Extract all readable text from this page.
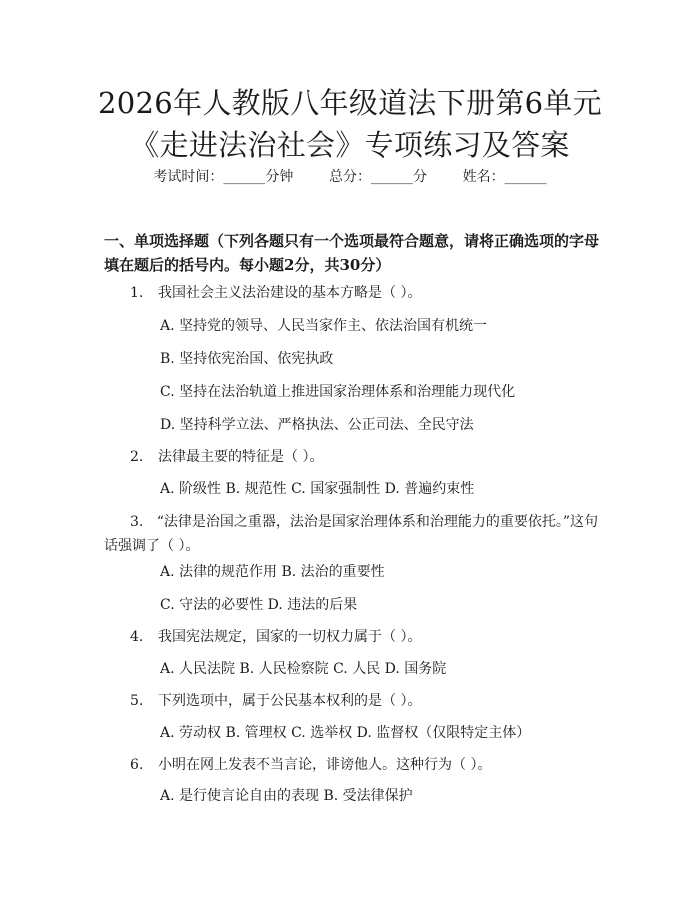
2026年人教版八年级道法下册第6单元《走进法治社会》专项练习及答案
考试时间：______分钟	总分：______分	姓名：______
一、单项选择题（下列各题只有一个选项最符合题意，请将正确选项的字母填在题后的括号内。每小题2分，共30分）
1. 我国社会主义法治建设的基本方略是（ ）。
A. 坚持党的领导、人民当家作主、依法治国有机统一
B. 坚持依宪治国、依宪执政
C. 坚持在法治轨道上推进国家治理体系和治理能力现代化
D. 坚持科学立法、严格执法、公正司法、全民守法
2. 法律最主要的特征是（ ）。
A. 阶级性 B. 规范性 C. 国家强制性 D. 普遍约束性
3. “法律是治国之重器，法治是国家治理体系和治理能力的重要依托。”这句话强调了（ ）。
A. 法律的规范作用 B. 法治的重要性
C. 守法的必要性 D. 违法的后果
4. 我国宪法规定，国家的一切权力属于（ ）。
A. 人民法院 B. 人民检察院 C. 人民 D. 国务院
5. 下列选项中，属于公民基本权利的是（ ）。
A. 劳动权 B. 管理权 C. 选举权 D. 监督权（仅限特定主体）
6. 小明在网上发表不当言论，诽谤他人。这种行为（ ）。
A. 是行使言论自由的表现 B. 受法律保护
